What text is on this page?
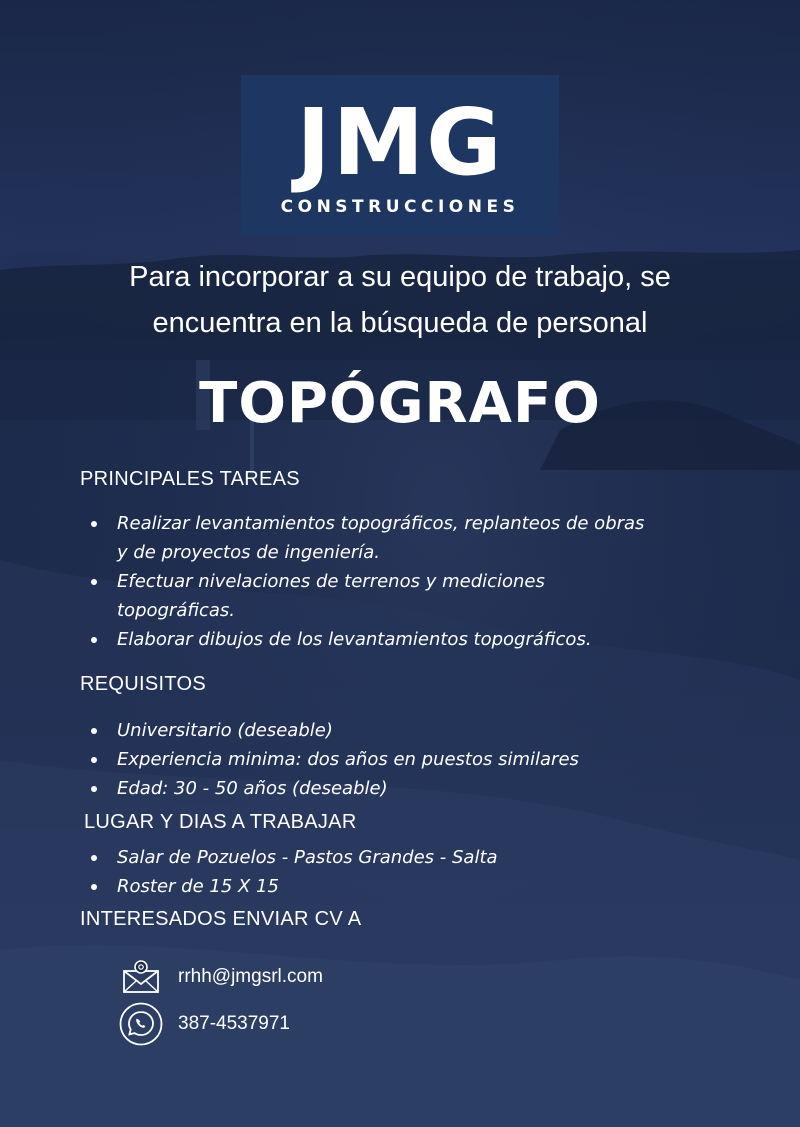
JMG
CONSTRUCCIONES
Para incorporar a su equipo de trabajo, se
encuentra en la búsqueda de personal
TOPÓGRAFO
PRINCIPALES TAREAS
Realizar levantamientos topográficos, replanteos de obras
y de proyectos de ingeniería.
Efectuar nivelaciones de terrenos y mediciones
topográficas.
Elaborar dibujos de los levantamientos topográficos.
REQUISITOS
Universitario (deseable)
Experiencia minima: dos años en puestos similares
Edad: 30 - 50 años (deseable)
LUGAR Y DIAS A TRABAJAR
Salar de Pozuelos - Pastos Grandes - Salta
Roster de 15 X 15
INTERESADOS ENVIAR CV A
rrhh@jmgsrl.com
387-4537971
